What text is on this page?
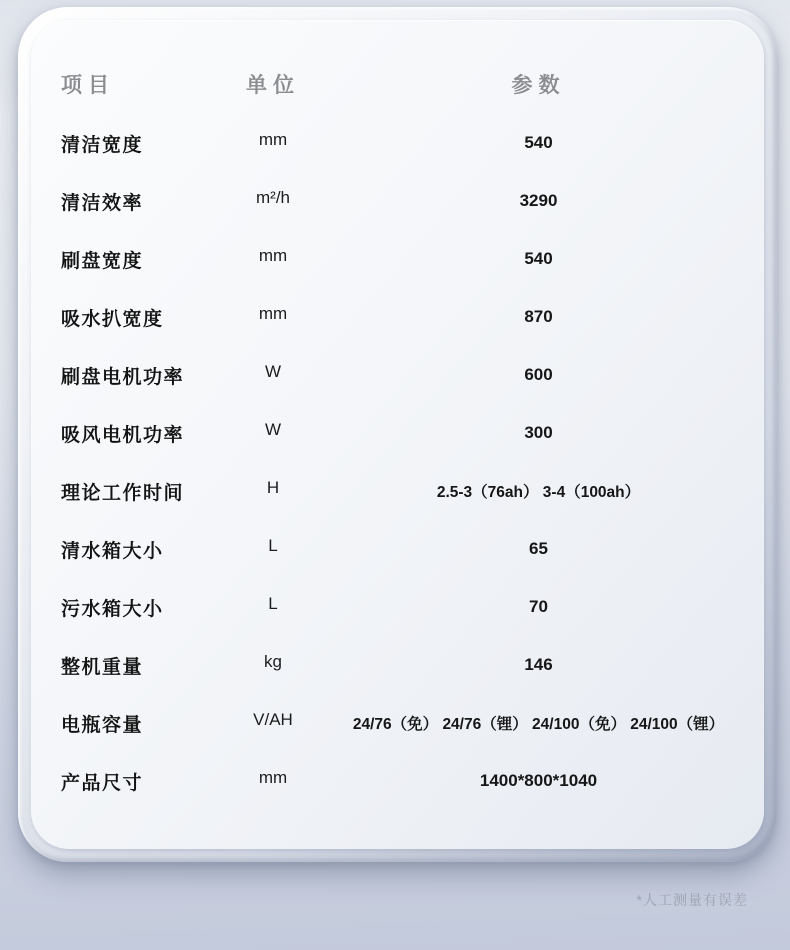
项目	单位	参数
清洁宽度	mm	540
清洁效率	m²/h	3290
刷盘宽度	mm	540
吸水扒宽度	mm	870
刷盘电机功率	W	600
吸风电机功率	W	300
理论工作时间	H	2.5-3（76ah） 3-4（100ah）
清水箱大小	L	65
污水箱大小	L	70
整机重量	kg	146
电瓶容量	V/AH	24/76（免） 24/76（锂） 24/100（免） 24/100（锂）
产品尺寸	mm	1400*800*1040
*人工测量有误差
